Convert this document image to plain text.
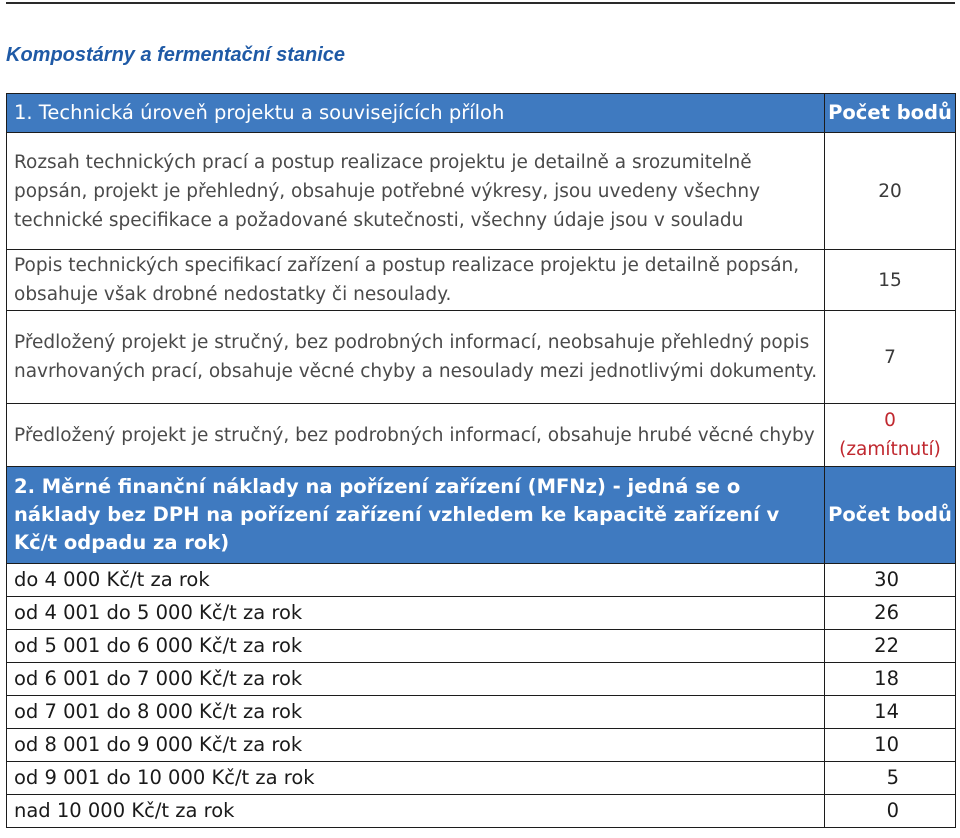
Kompostárny a fermentační stanice
1. Technická úroveň projektu a souvisejících příloh	Počet bodů
Rozsah technických prací a postup realizace projektu je detailně a srozumitelně popsán, projekt je přehledný, obsahuje potřebné výkresy, jsou uvedeny všechny technické specifikace a požadované skutečnosti, všechny údaje jsou v souladu	20
Popis technických specifikací zařízení a postup realizace projektu je detailně popsán, obsahuje však drobné nedostatky či nesoulady.	15
Předložený projekt je stručný, bez podrobných informací, neobsahuje přehledný popis navrhovaných prací, obsahuje věcné chyby a nesoulady mezi jednotlivými dokumenty.	7
Předložený projekt je stručný, bez podrobných informací, obsahuje hrubé věcné chyby	0
(zamítnutí)

2. Měrné finanční náklady na pořízení zařízení (MFNz) - jedná se o náklady bez DPH na pořízení zařízení vzhledem ke kapacitě zařízení v Kč/t odpadu za rok)	Počet bodů
do 4 000 Kč/t za rok	30
od 4 001 do 5 000 Kč/t za rok	26
od 5 001 do 6 000 Kč/t za rok	22
od 6 001 do 7 000 Kč/t za rok	18
od 7 001 do 8 000 Kč/t za rok	14
od 8 001 do 9 000 Kč/t za rok	10
od 9 001 do 10 000 Kč/t za rok	5
nad 10 000 Kč/t za rok	0
